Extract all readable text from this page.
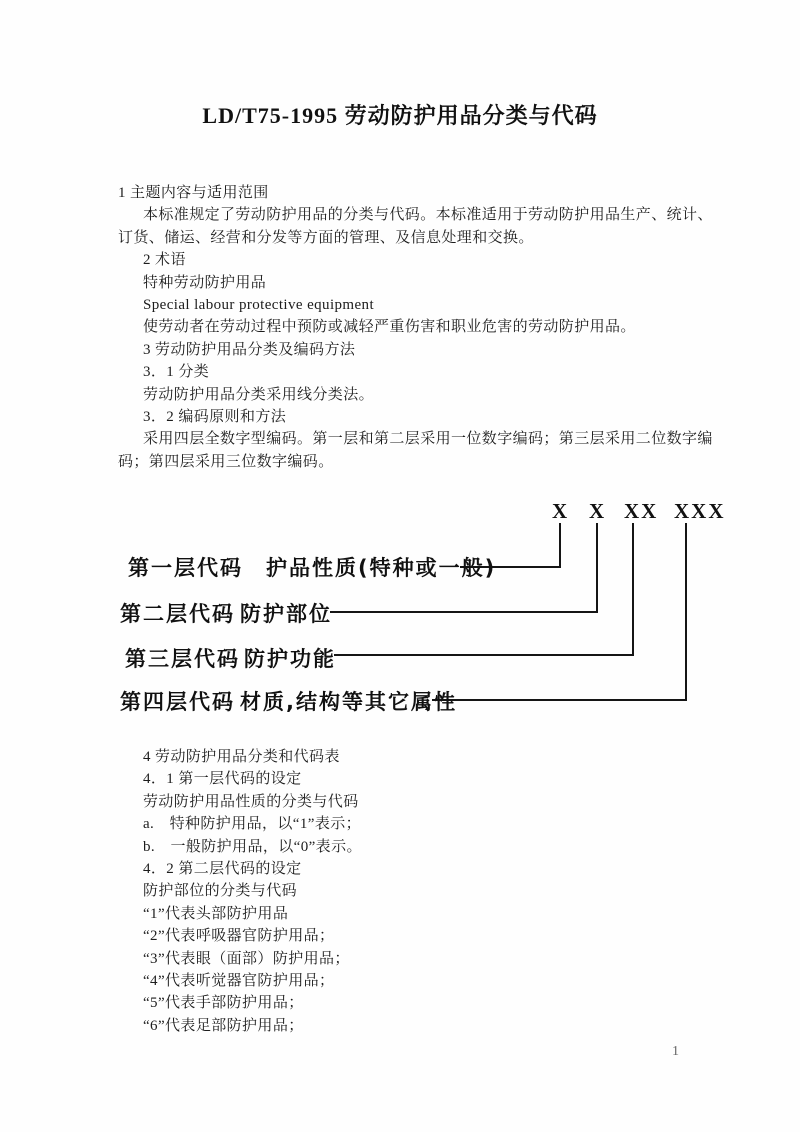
LD/T75-1995 劳动防护用品分类与代码
1 主题内容与适用范围
本标准规定了劳动防护用品的分类与代码。本标准适用于劳动防护用品生产、统计、
订货、储运、经营和分发等方面的管理、及信息处理和交换。
2 术语
特种劳动防护用品
Special labour protective equipment
使劳动者在劳动过程中预防或减轻严重伤害和职业危害的劳动防护用品。
3 劳动防护用品分类及编码方法
3．1 分类
劳动防护用品分类采用线分类法。
3．2 编码原则和方法
采用四层全数字型编码。第一层和第二层采用一位数字编码；第三层采用二位数字编
码；第四层采用三位数字编码。
X X XX XXX
第一层代码 护品性质(特种或一般)
第二层代码 防护部位
第三层代码 防护功能
第四层代码 材质,结构等其它属性
4 劳动防护用品分类和代码表
4．1 第一层代码的设定
劳动防护用品性质的分类与代码
a.　特种防护用品，以“1”表示；
b.　一般防护用品，以“0”表示。
4．2 第二层代码的设定
防护部位的分类与代码
“1”代表头部防护用品
“2”代表呼吸器官防护用品；
“3”代表眼（面部）防护用品；
“4”代表听觉器官防护用品；
“5”代表手部防护用品；
“6”代表足部防护用品；
1
